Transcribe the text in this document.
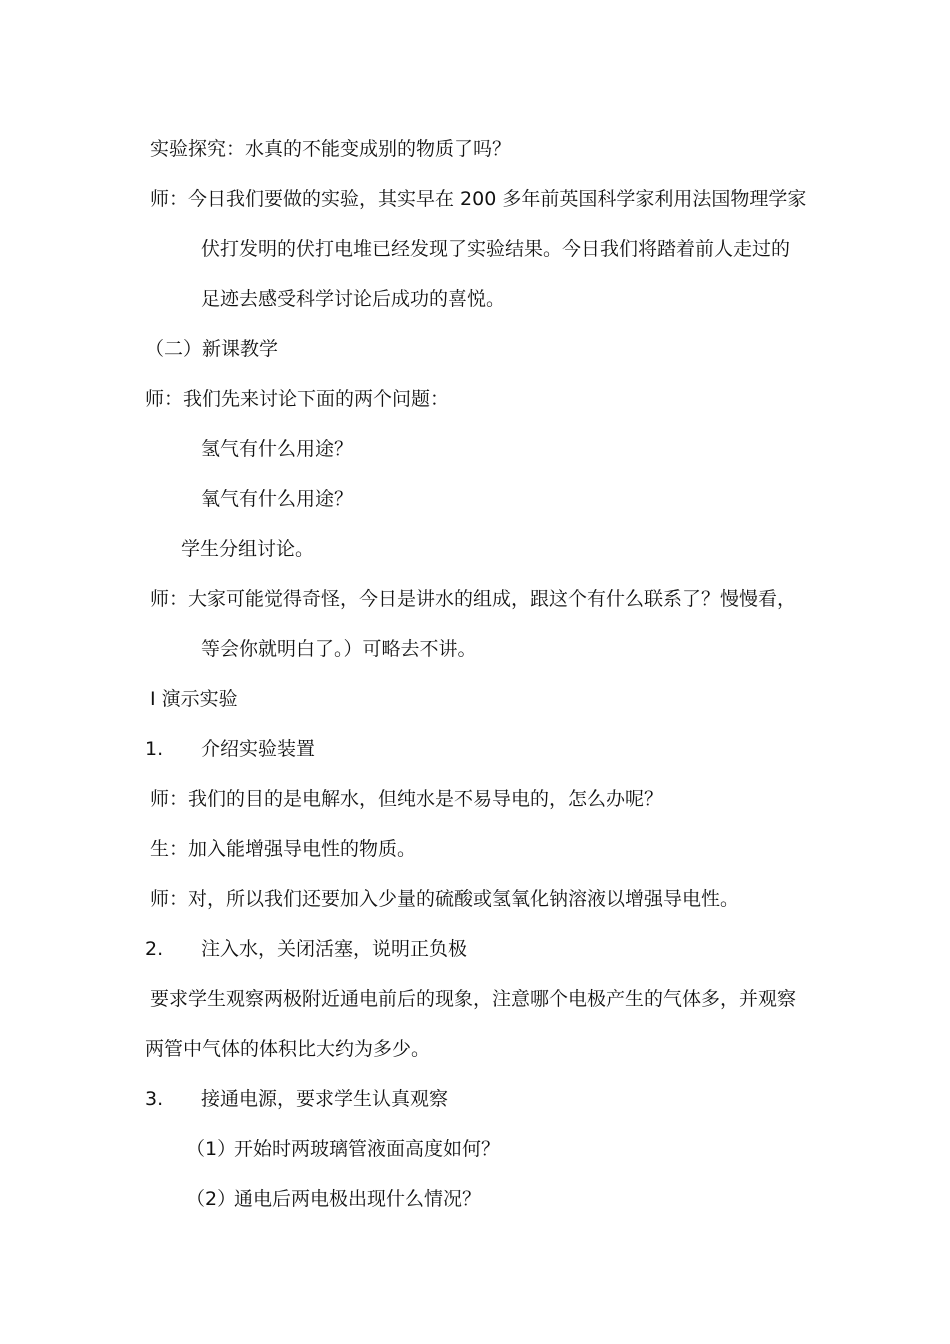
实验探究：水真的不能变成别的物质了吗？
师：今日我们要做的实验，其实早在 200 多年前英国科学家利用法国物理学家
伏打发明的伏打电堆已经发现了实验结果。今日我们将踏着前人走过的
足迹去感受科学讨论后成功的喜悦。
（二）新课教学
师：我们先来讨论下面的两个问题：
氢气有什么用途？
氧气有什么用途？
学生分组讨论。
师：大家可能觉得奇怪，今日是讲水的组成，跟这个有什么联系了？慢慢看，
等会你就明白了。）可略去不讲。
Ⅰ 演示实验
1. 介绍实验装置
师：我们的目的是电解水，但纯水是不易导电的，怎么办呢？
生：加入能增强导电性的物质。
师：对，所以我们还要加入少量的硫酸或氢氧化钠溶液以增强导电性。
2. 注入水，关闭活塞，说明正负极
要求学生观察两极附近通电前后的现象，注意哪个电极产生的气体多，并观察
两管中气体的体积比大约为多少。
3. 接通电源，要求学生认真观察
（1）
开始时两玻璃管液面高度如何？
（2）
通电后两电极出现什么情况？
